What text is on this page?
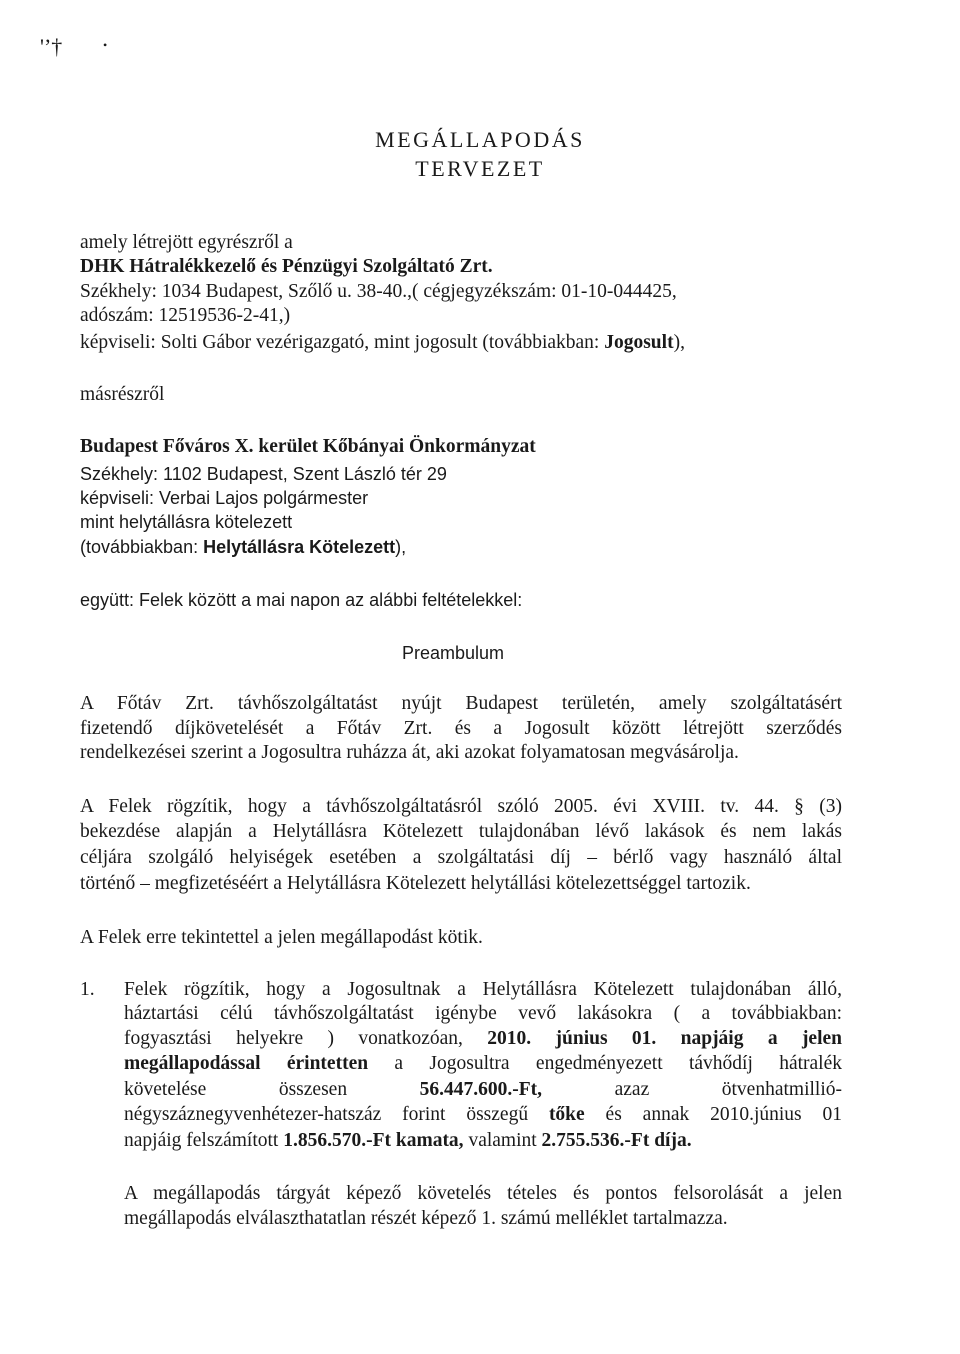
'’†	•
MEGÁLLAPODÁS
TERVEZET
amely létrejött egyrészről a
DHK Hátralékkezelő és Pénzügyi Szolgáltató Zrt.
Székhely: 1034 Budapest, Szőlő u. 38-40.,( cégjegyzékszám: 01-10-044425,
adószám: 12519536-2-41,)
képviseli: Solti Gábor vezérigazgató, mint jogosult (továbbiakban: Jogosult),
másrészről
Budapest Főváros X. kerület Kőbányai Önkormányzat
Székhely: 1102 Budapest, Szent László tér 29
képviseli: Verbai Lajos polgármester
mint helytállásra kötelezett
(továbbiakban: Helytállásra Kötelezett),
együtt: Felek között a mai napon az alábbi feltételekkel:
Preambulum
A Főtáv Zrt. távhőszolgáltatást nyújt Budapest területén, amely szolgáltatásért
fizetendő díjkövetelését a Főtáv Zrt. és a Jogosult között létrejött szerződés
rendelkezései szerint a Jogosultra ruházza át, aki azokat folyamatosan megvásárolja.
A Felek rögzítik, hogy a távhőszolgáltatásról szóló 2005. évi XVIII. tv. 44. § (3)
bekezdése alapján a Helytállásra Kötelezett tulajdonában lévő lakások és nem lakás
céljára szolgáló helyiségek esetében a szolgáltatási díj – bérlő vagy használó által
történő – megfizetéséért a Helytállásra Kötelezett helytállási kötelezettséggel tartozik.
A Felek erre tekintettel a jelen megállapodást kötik.
1. Felek rögzítik, hogy a Jogosultnak a Helytállásra Kötelezett tulajdonában álló,
háztartási célú távhőszolgáltatást igénybe vevő lakásokra ( a továbbiakban:
fogyasztási helyekre ) vonatkozóan, 2010. június 01. napjáig a jelen
megállapodással érintetten a Jogosultra engedményezett távhődíj hátralék
követelése összesen 56.447.600.-Ft, azaz ötvenhatmillió-
négyszáznegyvenhétezer-hatszáz forint összegű tőke és annak 2010.június 01
napjáig felszámított 1.856.570.-Ft kamata, valamint 2.755.536.-Ft díja.
A megállapodás tárgyát képező követelés tételes és pontos felsorolását a jelen
megállapodás elválaszthatatlan részét képező 1. számú melléklet tartalmazza.
